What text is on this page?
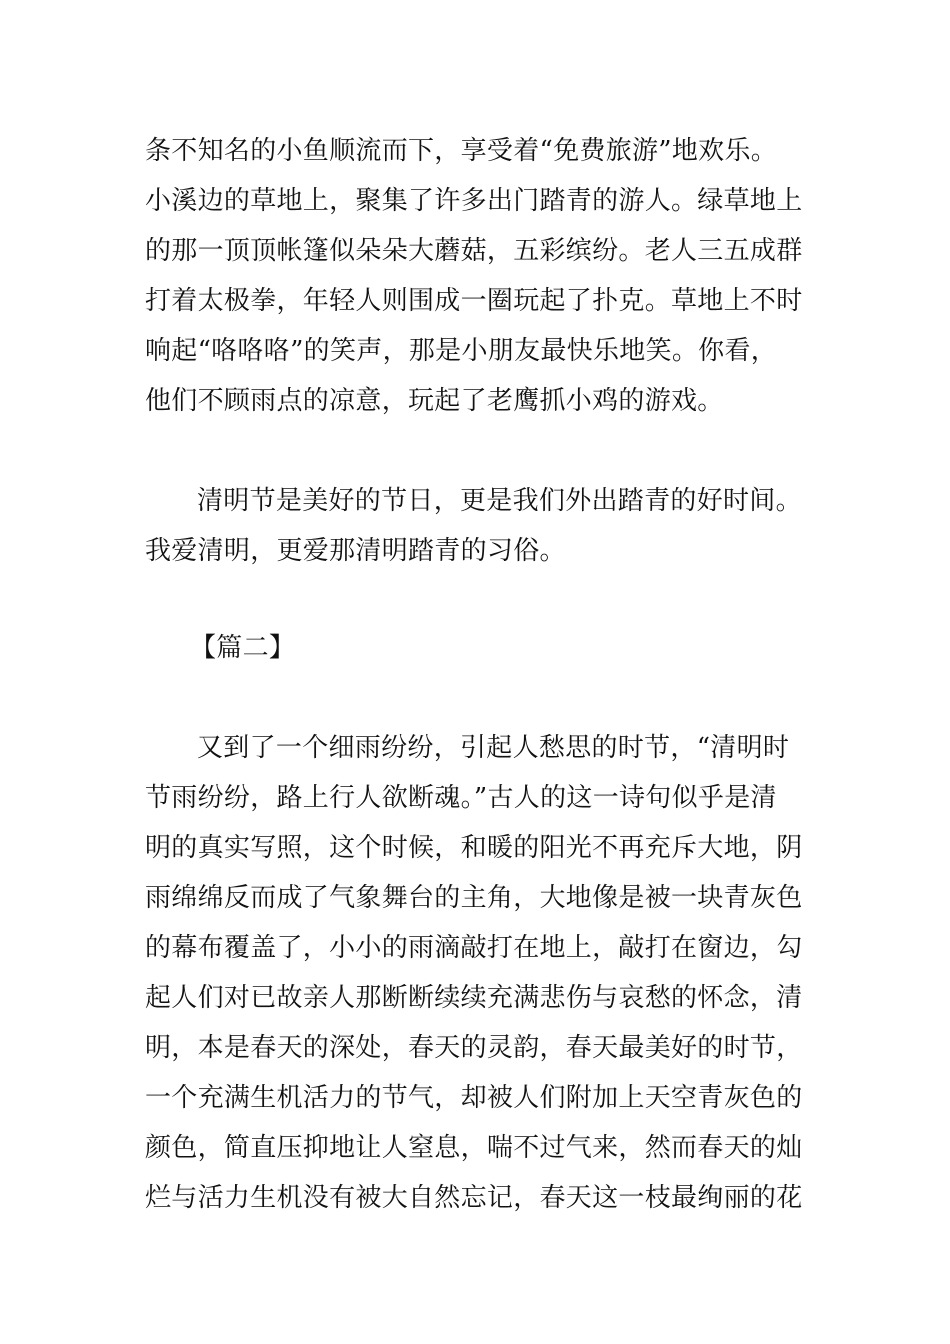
条不知名的小鱼顺流而下，享受着“免费旅游”地欢乐。
小溪边的草地上，聚集了许多出门踏青的游人。绿草地上
的那一顶顶帐篷似朵朵大蘑菇，五彩缤纷。老人三五成群
打着太极拳，年轻人则围成一圈玩起了扑克。草地上不时
响起“咯咯咯”的笑声，那是小朋友最快乐地笑。你看，
他们不顾雨点的凉意，玩起了老鹰抓小鸡的游戏。
清明节是美好的节日，更是我们外出踏青的好时间。
我爱清明，更爱那清明踏青的习俗。
【篇二】
又到了一个细雨纷纷，引起人愁思的时节，“清明时
节雨纷纷，路上行人欲断魂。”古人的这一诗句似乎是清
明的真实写照，这个时候，和暖的阳光不再充斥大地，阴
雨绵绵反而成了气象舞台的主角，大地像是被一块青灰色
的幕布覆盖了，小小的雨滴敲打在地上，敲打在窗边，勾
起人们对已故亲人那断断续续充满悲伤与哀愁的怀念，清
明，本是春天的深处，春天的灵韵，春天最美好的时节，
一个充满生机活力的节气，却被人们附加上天空青灰色的
颜色，简直压抑地让人窒息，喘不过气来，然而春天的灿
烂与活力生机没有被大自然忘记，春天这一枝最绚丽的花
